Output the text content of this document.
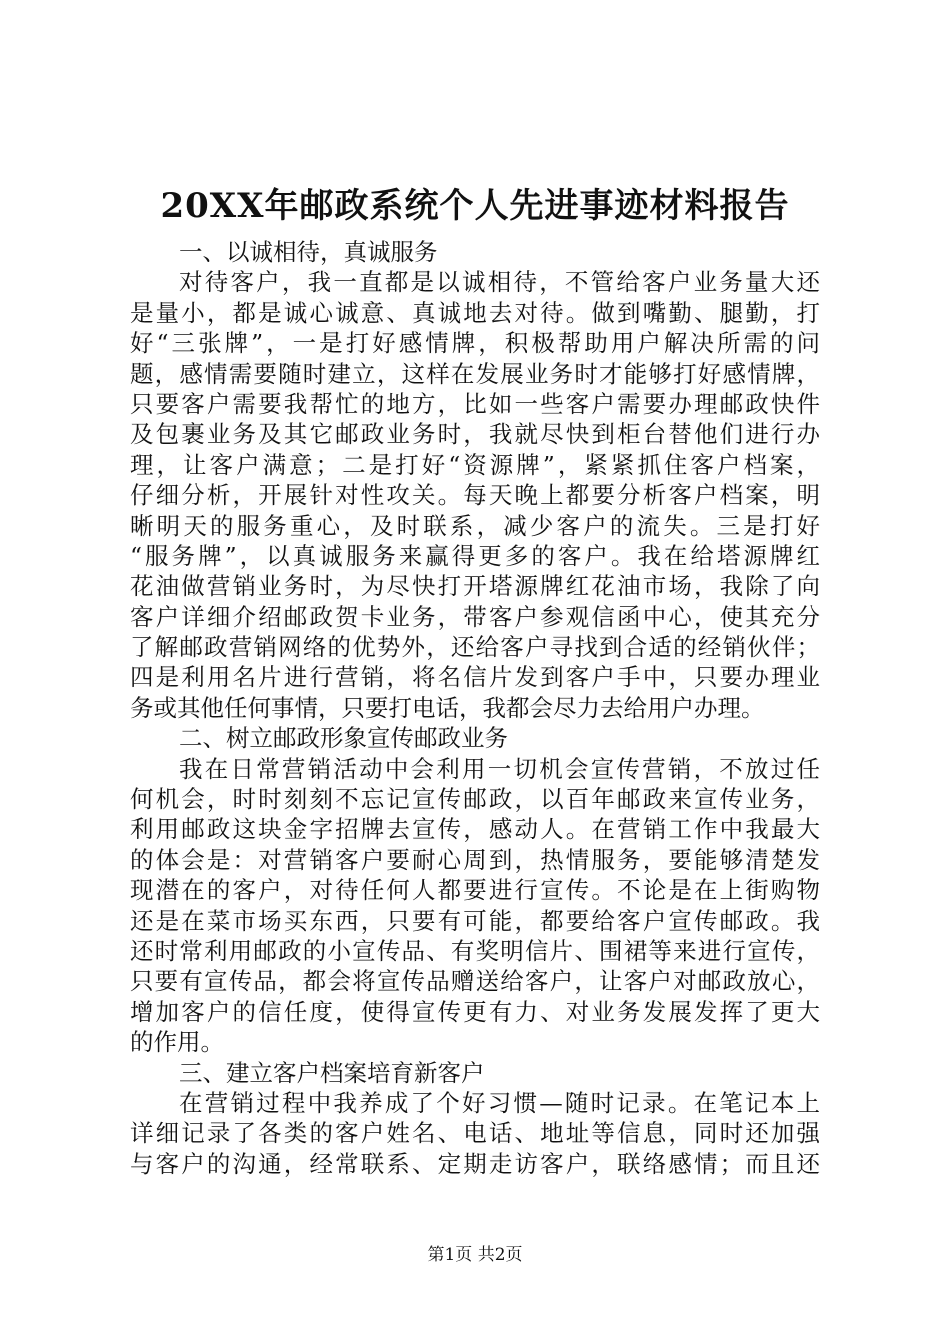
20XX年邮政系统个人先进事迹材料报告
一、以诚相待，真诚服务
对待客户，我一直都是以诚相待，不管给客户业务量大还
是量小，都是诚心诚意、真诚地去对待。做到嘴勤、腿勤，打
好“三张牌”，一是打好感情牌，积极帮助用户解决所需的问
题，感情需要随时建立，这样在发展业务时才能够打好感情牌，
只要客户需要我帮忙的地方，比如一些客户需要办理邮政快件
及包裹业务及其它邮政业务时，我就尽快到柜台替他们进行办
理，让客户满意；二是打好“资源牌”，紧紧抓住客户档案，
仔细分析，开展针对性攻关。每天晚上都要分析客户档案，明
晰明天的服务重心，及时联系，减少客户的流失。三是打好
“服务牌”，以真诚服务来赢得更多的客户。我在给塔源牌红
花油做营销业务时，为尽快打开塔源牌红花油市场，我除了向
客户详细介绍邮政贺卡业务，带客户参观信函中心，使其充分
了解邮政营销网络的优势外，还给客户寻找到合适的经销伙伴；
四是利用名片进行营销，将名信片发到客户手中，只要办理业
务或其他任何事情，只要打电话，我都会尽力去给用户办理。
二、树立邮政形象宣传邮政业务
我在日常营销活动中会利用一切机会宣传营销，不放过任
何机会，时时刻刻不忘记宣传邮政，以百年邮政来宣传业务，
利用邮政这块金字招牌去宣传，感动人。在营销工作中我最大
的体会是：对营销客户要耐心周到，热情服务，要能够清楚发
现潜在的客户，对待任何人都要进行宣传。不论是在上街购物
还是在菜市场买东西，只要有可能，都要给客户宣传邮政。我
还时常利用邮政的小宣传品、有奖明信片、围裙等来进行宣传，
只要有宣传品，都会将宣传品赠送给客户，让客户对邮政放心，
增加客户的信任度，使得宣传更有力、对业务发展发挥了更大
的作用。
三、建立客户档案培育新客户
在营销过程中我养成了个好习惯—随时记录。在笔记本上
详细记录了各类的客户姓名、电话、地址等信息，同时还加强
与客户的沟通，经常联系、定期走访客户，联络感情；而且还
第1页 共2页
